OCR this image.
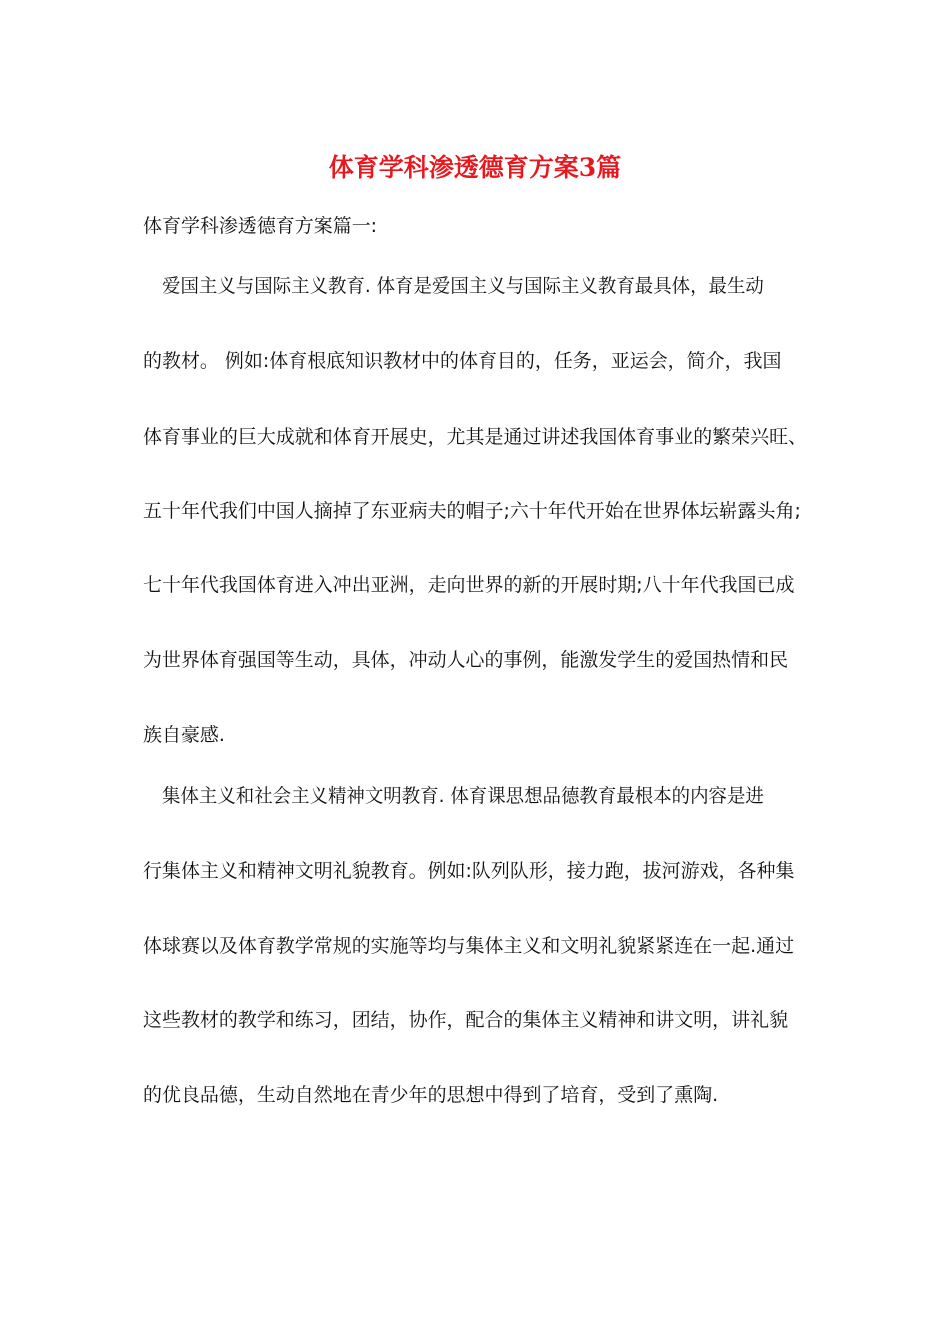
体育学科渗透德育方案3篇

体育学科渗透德育方案篇一:

爱国主义与国际主义教育. 体育是爱国主义与国际主义教育最具体，最生动

的教材。 例如:体育根底知识教材中的体育目的，任务，亚运会，简介，我国

体育事业的巨大成就和体育开展史，尤其是通过讲述我国体育事业的繁荣兴旺、

五十年代我们中国人摘掉了东亚病夫的帽子;六十年代开始在世界体坛崭露头角;

七十年代我国体育进入冲出亚洲，走向世界的新的开展时期;八十年代我国已成

为世界体育强国等生动，具体，冲动人心的事例，能激发学生的爱国热情和民

族自豪感.

集体主义和社会主义精神文明教育. 体育课思想品德教育最根本的内容是进

行集体主义和精神文明礼貌教育。例如:队列队形，接力跑，拔河游戏，各种集

体球赛以及体育教学常规的实施等均与集体主义和文明礼貌紧紧连在一起.通过

这些教材的教学和练习，团结，协作，配合的集体主义精神和讲文明，讲礼貌

的优良品德，生动自然地在青少年的思想中得到了培育，受到了熏陶.
